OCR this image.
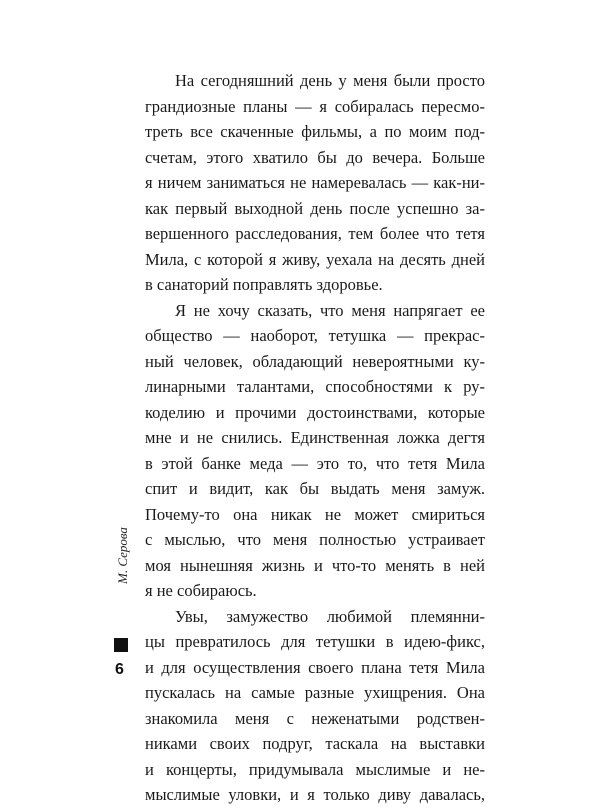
На сегодняшний день у меня были просто
грандиозные планы — я собиралась пересмо-
треть все скаченные фильмы, а по моим под-
счетам, этого хватило бы до вечера. Больше
я ничем заниматься не намеревалась — как-ни-
как первый выходной день после успешно за-
вершенного расследования, тем более что тетя
Мила, с которой я живу, уехала на десять дней
в санаторий поправлять здоровье.
Я не хочу сказать, что меня напрягает ее
общество — наоборот, тетушка — прекрас-
ный человек, обладающий невероятными ку-
линарными талантами, способностями к ру-
коделию и прочими достоинствами, которые
мне и не снились. Единственная ложка дегтя
в этой банке меда — это то, что тетя Мила
спит и видит, как бы выдать меня замуж.
Почему-то она никак не может смириться
с мыслью, что меня полностью устраивает
моя нынешняя жизнь и что-то менять в ней
я не собираюсь.
Увы, замужество любимой племянни-
цы превратилось для тетушки в идею-фикс,
и для осуществления своего плана тетя Мила
пускалась на самые разные ухищрения. Она
знакомила меня с неженатыми родствен-
никами своих подруг, таскала на выставки
и концерты, придумывала мыслимые и не-
мыслимые уловки, и я только диву давалась,
М. Серова
6
